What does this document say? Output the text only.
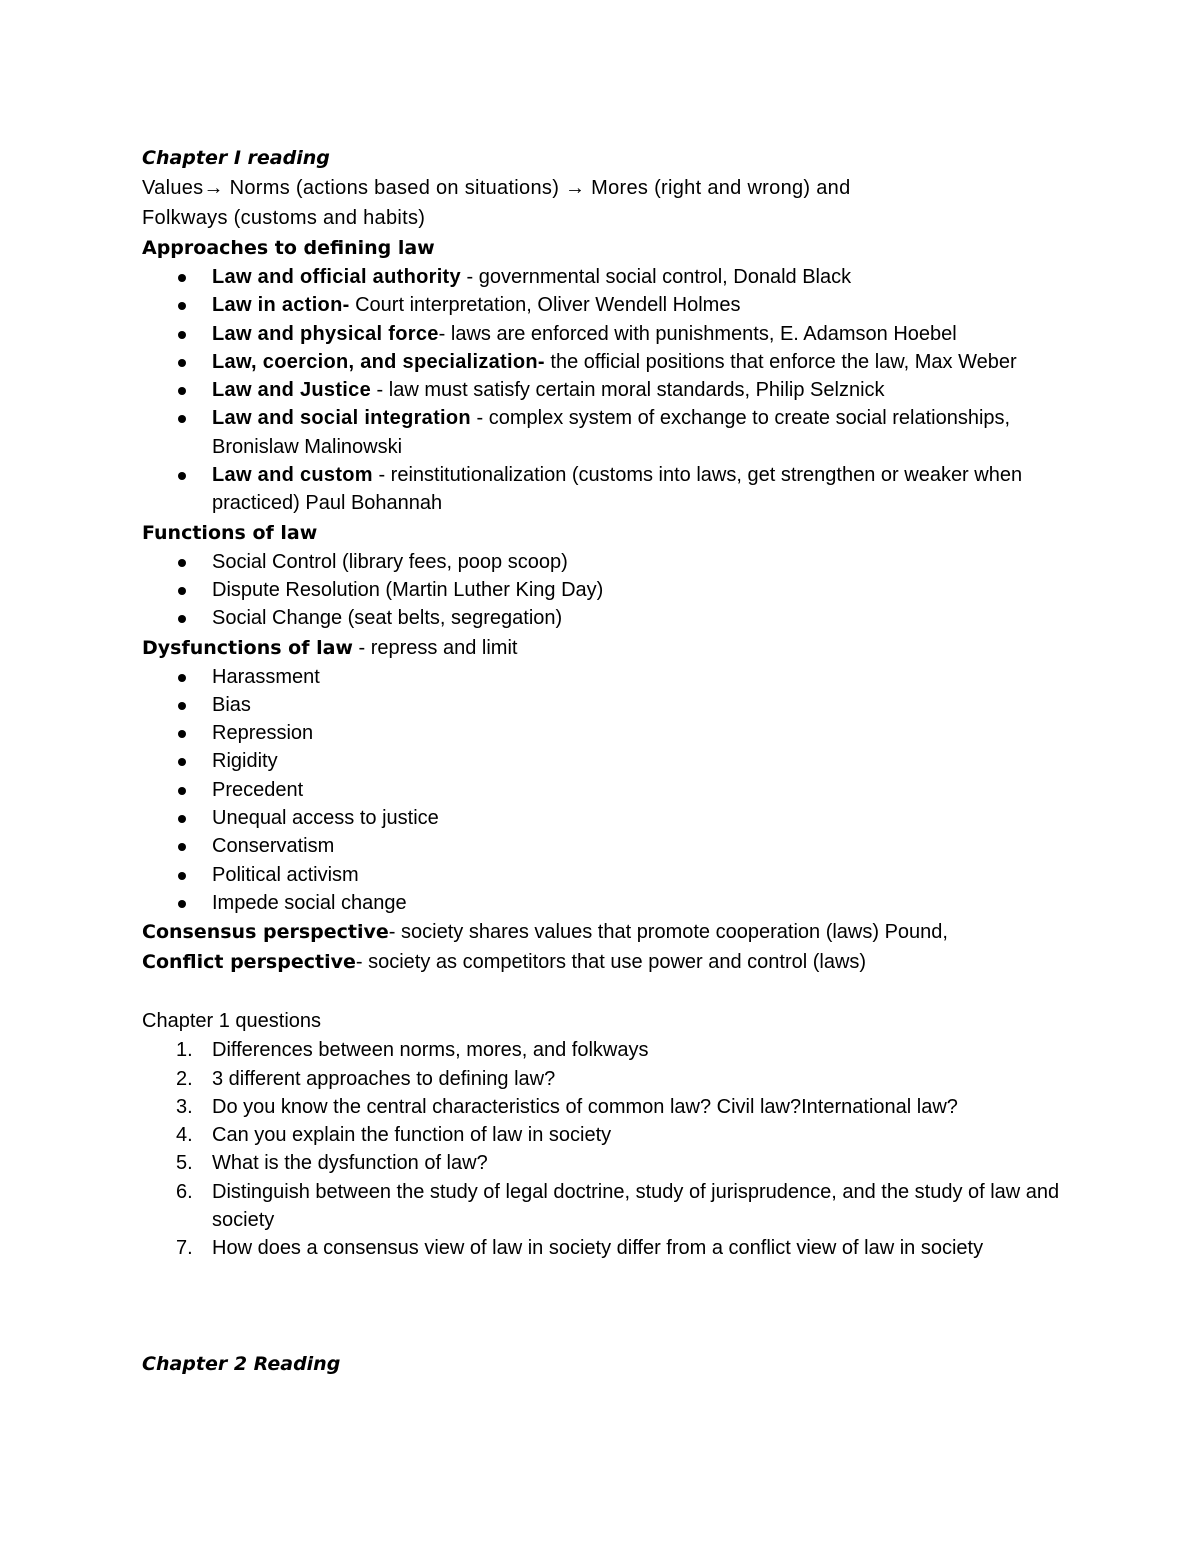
Chapter I reading

Values→ Norms (actions based on situations) → Mores (right and wrong) and

Folkways (customs and habits)

Approaches to defining law

Law and official authority - governmental social control, Donald Black
Law in action- Court interpretation, Oliver Wendell Holmes
Law and physical force- laws are enforced with punishments, E. Adamson Hoebel
Law, coercion, and specialization- the official positions that enforce the law, Max Weber
Law and Justice - law must satisfy certain moral standards, Philip Selznick
Law and social integration - complex system of exchange to create social relationships, Bronislaw Malinowski
Law and custom - reinstitutionalization (customs into laws, get strengthen or weaker when practiced) Paul Bohannah

Functions of law

Social Control (library fees, poop scoop)
Dispute Resolution (Martin Luther King Day)
Social Change (seat belts, segregation)

Dysfunctions of law - repress and limit

Harassment
Bias
Repression
Rigidity
Precedent
Unequal access to justice
Conservatism
Political activism
Impede social change

Consensus perspective- society shares values that promote cooperation (laws) Pound,

Conflict perspective- society as competitors that use power and control (laws)

Chapter 1 questions

1. Differences between norms, mores, and folkways
2. 3 different approaches to defining law?
3. Do you know the central characteristics of common law? Civil law?International law?
4. Can you explain the function of law in society
5. What is the dysfunction of law?
6. Distinguish between the study of legal doctrine, study of jurisprudence, and the study of law and society
7. How does a consensus view of law in society differ from a conflict view of law in society

Chapter 2 Reading
